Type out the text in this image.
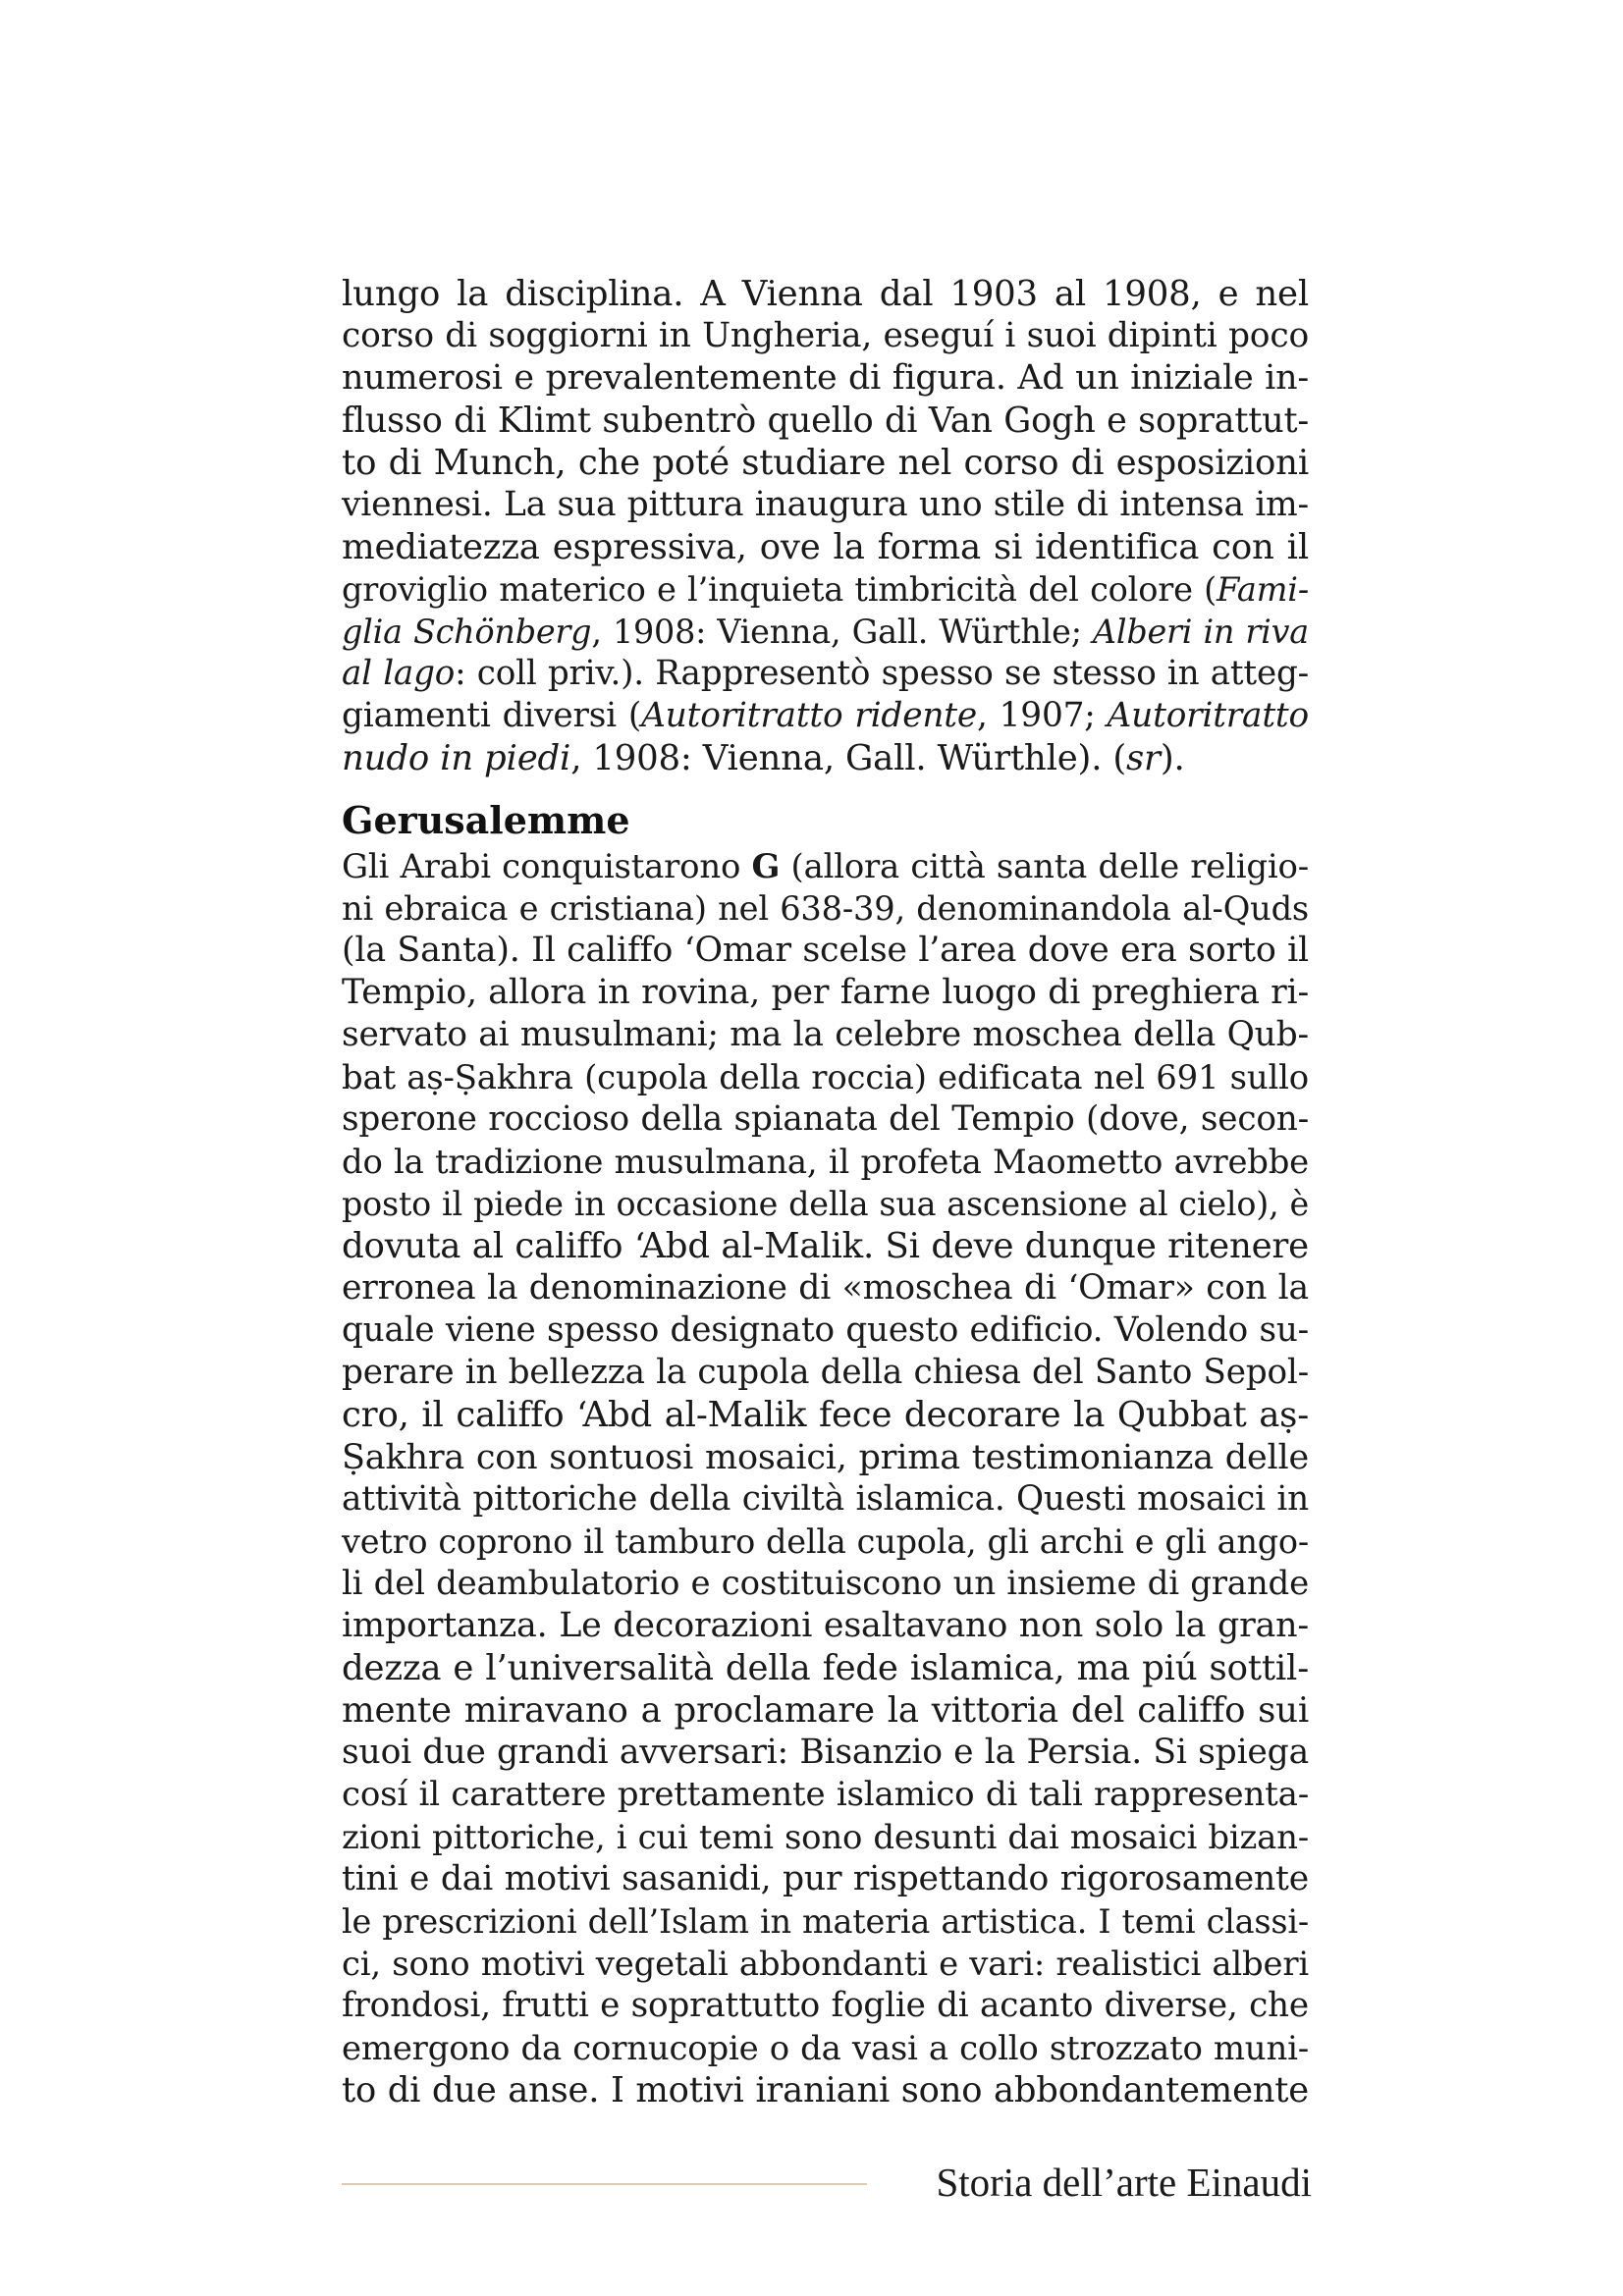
lungo la disciplina. A Vienna dal 1903 al 1908, e nel
corso di soggiorni in Ungheria, eseguí i suoi dipinti poco
numerosi e prevalentemente di figura. Ad un iniziale in-
flusso di Klimt subentrò quello di Van Gogh e soprattut-
to di Munch, che poté studiare nel corso di esposizioni
viennesi. La sua pittura inaugura uno stile di intensa im-
mediatezza espressiva, ove la forma si identifica con il
groviglio materico e l’inquieta timbricità del colore (Fami-
glia Schönberg, 1908: Vienna, Gall. Würthle; Alberi in riva
al lago: coll priv.). Rappresentò spesso se stesso in atteg-
giamenti diversi (Autoritratto ridente, 1907; Autoritratto
nudo in piedi, 1908: Vienna, Gall. Würthle). (sr).
Gerusalemme
Gli Arabi conquistarono G (allora città santa delle religio-
ni ebraica e cristiana) nel 638-39, denominandola al-Quds
(la Santa). Il califfo ‘Omar scelse l’area dove era sorto il
Tempio, allora in rovina, per farne luogo di preghiera ri-
servato ai musulmani; ma la celebre moschea della Qub-
bat aṣ-Ṣakhra (cupola della roccia) edificata nel 691 sullo
sperone roccioso della spianata del Tempio (dove, secon-
do la tradizione musulmana, il profeta Maometto avrebbe
posto il piede in occasione della sua ascensione al cielo), è
dovuta al califfo ‘Abd al-Malik. Si deve dunque ritenere
erronea la denominazione di «moschea di ‘Omar» con la
quale viene spesso designato questo edificio. Volendo su-
perare in bellezza la cupola della chiesa del Santo Sepol-
cro, il califfo ‘Abd al-Malik fece decorare la Qubbat aṣ-
Ṣakhra con sontuosi mosaici, prima testimonianza delle
attività pittoriche della civiltà islamica. Questi mosaici in
vetro coprono il tamburo della cupola, gli archi e gli ango-
li del deambulatorio e costituiscono un insieme di grande
importanza. Le decorazioni esaltavano non solo la gran-
dezza e l’universalità della fede islamica, ma piú sottil-
mente miravano a proclamare la vittoria del califfo sui
suoi due grandi avversari: Bisanzio e la Persia. Si spiega
cosí il carattere prettamente islamico di tali rappresenta-
zioni pittoriche, i cui temi sono desunti dai mosaici bizan-
tini e dai motivi sasanidi, pur rispettando rigorosamente
le prescrizioni dell’Islam in materia artistica. I temi classi-
ci, sono motivi vegetali abbondanti e vari: realistici alberi
frondosi, frutti e soprattutto foglie di acanto diverse, che
emergono da cornucopie o da vasi a collo strozzato muni-
to di due anse. I motivi iraniani sono abbondantemente
Storia dell’arte Einaudi
